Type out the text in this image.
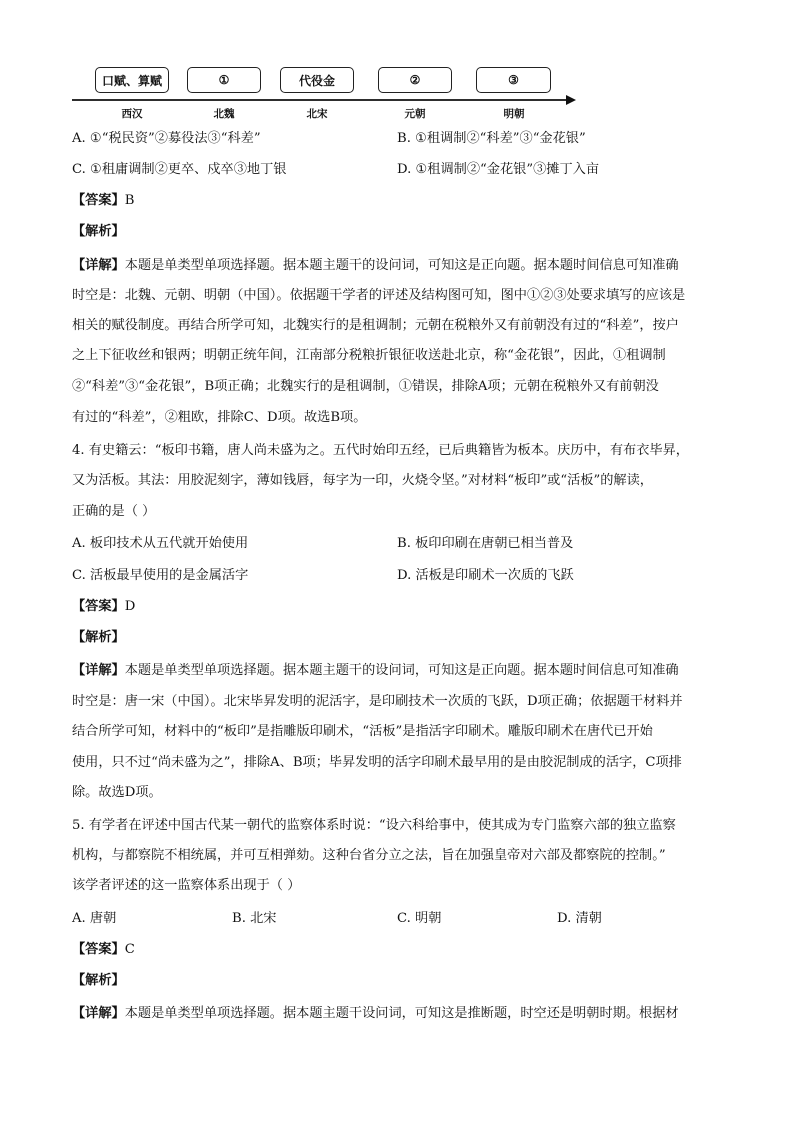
口赋、算赋	①	代役金	②	③
西汉	北魏	北宋	元朝	明朝
A. ①“税民资”②募役法③“科差”	B. ①租调制②“科差”③“金花银”
C. ①租庸调制②更卒、戍卒③地丁银	D. ①租调制②“金花银”③摊丁入亩
【答案】B
【解析】
【详解】本题是单类型单项选择题。据本题主题干的设问词，可知这是正向题。据本题时间信息可知准确
时空是：北魏、元朝、明朝（中国）。依据题干学者的评述及结构图可知，图中①②③处要求填写的应该是
相关的赋役制度。再结合所学可知，北魏实行的是租调制；元朝在税粮外又有前朝没有过的“科差”，按户
之上下征收丝和银两；明朝正统年间，江南部分税粮折银征收送赴北京，称“金花银”，因此，①租调制
②“科差”③“金花银”，B项正确；北魏实行的是租调制，①错误，排除A项；元朝在税粮外又有前朝没
有过的“科差”，②粗欧，排除C、D项。故选B项。
4. 有史籍云：“板印书籍，唐人尚未盛为之。五代时始印五经，已后典籍皆为板本。庆历中，有布衣毕昇，
又为活板。其法：用胶泥刻字，薄如钱唇，每字为一印，火烧令坚。”对材料“板印”或“活板”的解读，
正确的是（ ）
A. 板印技术从五代就开始使用	B. 板印印刷在唐朝已相当普及
C. 活板最早使用的是金属活字	D. 活板是印刷术一次质的飞跃
【答案】D
【解析】
【详解】本题是单类型单项选择题。据本题主题干的设问词，可知这是正向题。据本题时间信息可知准确
时空是：唐一宋（中国）。北宋毕昇发明的泥活字，是印刷技术一次质的飞跃，D项正确；依据题干材料并
结合所学可知，材料中的“板印”是指雕版印刷术，“活板”是指活字印刷术。雕版印刷术在唐代已开始
使用，只不过“尚未盛为之”，排除A、B项；毕昇发明的活字印刷术最早用的是由胶泥制成的活字，C项排
除。故选D项。
5. 有学者在评述中国古代某一朝代的监察体系时说：“设六科给事中，使其成为专门监察六部的独立监察
机构，与都察院不相统属，并可互相弹劾。这种台省分立之法，旨在加强皇帝对六部及都察院的控制。”
该学者评述的这一监察体系出现于（ ）
A. 唐朝	B. 北宋	C. 明朝	D. 清朝
【答案】C
【解析】
【详解】本题是单类型单项选择题。据本题主题干设问词，可知这是推断题，时空还是明朝时期。根据材
